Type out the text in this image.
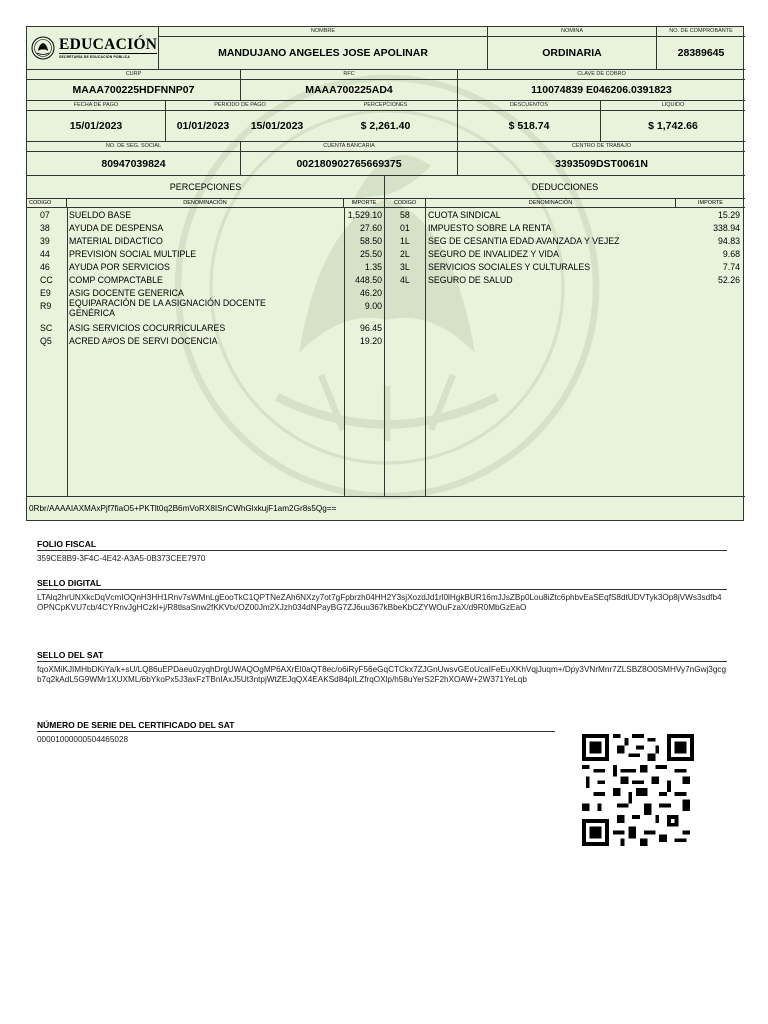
EDUCACIÓN
SECRETARÍA DE EDUCACIÓN PÚBLICA
NOMBRE
MANDUJANO ANGELES JOSE APOLINAR
NOMINA
ORDINARIA
NO. DE COMPROBANTE
28389645
CURP
MAAA700225HDFNNP07
RFC
MAAA700225AD4
CLAVE DE COBRO
110074839 E046206.0391823
FECHA DE PAGO
15/01/2023
PERIODO DE PAGO
01/01/2023 15/01/2023
PERCEPCIONES
$ 2,261.40
DESCUENTOS
$ 518.74
LÍQUIDO
$ 1,742.66
NO. DE SEG. SOCIAL
80947039824
CUENTA BANCARIA
002180902765669375
CENTRO DE TRABAJO
3393509DST0061N
PERCEPCIONES	DEDUCCIONES
CODIGO	DENOMINACIÓN	IMPORTE	CODIGO	DENOMINACIÓN	IMPORTE
07 SUELDO BASE	1,529.10
38 AYUDA DE DESPENSA	27.60
39 MATERIAL DIDACTICO	58.50
44 PREVISION SOCIAL MULTIPLE	25.50
46 AYUDA POR SERVICIOS	1.35
CC COMP COMPACTABLE	448.50
E9 ASIG DOCENTE GENERICA	46.20
R9 EQUIPARACIÓN DE LA ASIGNACIÓN DOCENTE GENÉRICA
9.00
SC ASIG SERVICIOS COCURRICULARES	96.45
Q5 ACRED A#OS DE SERVI DOCENCIA	19.20
58 CUOTA SINDICAL	15.29
01 IMPUESTO SOBRE LA RENTA	338.94
1L SEG DE CESANTIA EDAD AVANZADA Y VEJEZ	94.83
2L SEGURO DE INVALIDEZ Y VIDA	9.68
3L SERVICIOS SOCIALES Y CULTURALES	7.74
4L SEGURO DE SALUD	52.26
0Rbr/AAAAIAXMAxPjf7fiaO5+PKTlt0q2B6mVoRX8ISnCWhGlxkujF1am2Gr8s5Qg==
FOLIO FISCAL
359CE8B9-3F4C-4E42-A3A5-0B373CEE7970
SELLO DIGITAL
LTAlq2hrUNXkcDqVcmIOQnH3HH1Rnv7sWMnLgEooTkC1QPTNeZAh6NXzy7ot7gFpbrzh04HH2Y3sjXozdJd1rl0lHgkBUR16mJJsZBp0Lou8iZtc6phbvEaSEqfS8dtUDVTyk3Op8jVWs3sdfb4OPNCpKVU7cb/4CYRnvJgHCzkl+j/R8tlsaSnw2fKKVtx/OZ00Jm2XJzh034dNPayBG7ZJ6uu367kBbeKbCZYWOuFzaX/d9R0MbGzEaO
SELLO DEL SAT
fqoXMiKJIMHbDKiYa/k+sU/LQ86uEPDaeu0zyqhDrgUWAQOgMP6AXrEl0aQT8ec/o6iRyF56eGqCTCkx7ZJGnUwsvGEoUcaIFeEuXKhVqjJuqm+/Dpy3VNrMnr7ZLSBZ8O0SMHVy7nGwj3gcgb7q2kAdL5G9WMr1XUXML/6bYkoPx5J3axFzTBnIAxJ5Ut3ntpjWtZEJqQX4EAKSd84pILZfrqOXlp/h58uYerS2F2hXOAW+2W371YeLqb
NÚMERO DE SERIE DEL CERTIFICADO DEL SAT
00001000000504465028
